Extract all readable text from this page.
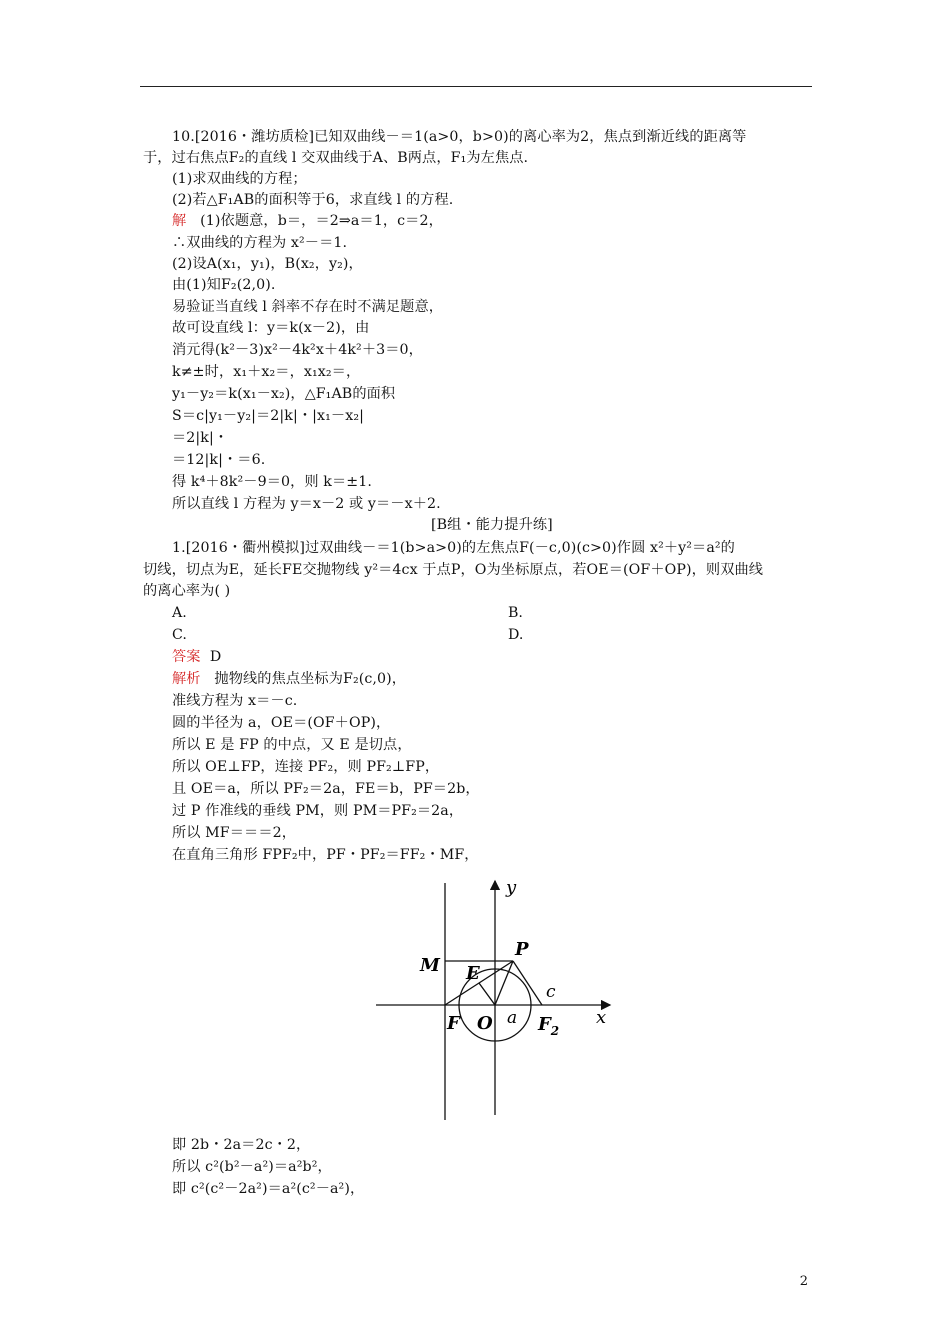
10.[2016・潍坊质检]已知双曲线－＝1(a>0，b>0)的离心率为2，焦点到渐近线的距离等
于，过右焦点F₂的直线 l 交双曲线于A、B两点，F₁为左焦点.
(1)求双曲线的方程；
(2)若△F₁AB的面积等于6，求直线 l 的方程.
解 (1)依题意，b＝，＝2⇒a＝1，c＝2，
∴双曲线的方程为 x²－＝1.
(2)设A(x₁，y₁)，B(x₂，y₂)，
由(1)知F₂(2,0).
易验证当直线 l 斜率不存在时不满足题意，
故可设直线 l：y＝k(x－2)，由
消元得(k²－3)x²－4k²x＋4k²＋3＝0，
k≠±时，x₁＋x₂＝，x₁x₂＝，
y₁－y₂＝k(x₁－x₂)，△F₁AB的面积
S＝c|y₁－y₂|＝2|k|・|x₁－x₂|
＝2|k|・
＝12|k|・＝6.
得 k⁴＋8k²－9＝0，则 k＝±1.
所以直线 l 方程为 y＝x－2 或 y＝－x＋2.
[B组・能力提升练]
1.[2016・衢州模拟]过双曲线－＝1(b>a>0)的左焦点F(－c,0)(c>0)作圆 x²＋y²＝a²的
切线，切点为E，延长FE交抛物线 y²＝4cx 于点P，O为坐标原点，若OE＝(OF＋OP)，则双曲线
的离心率为( )
A.	B.
C.	D.
答案 D
解析 抛物线的焦点坐标为F₂(c,0)，
准线方程为 x＝－c.
圆的半径为 a，OE＝(OF＋OP)，
所以 E 是 FP 的中点，又 E 是切点，
所以 OE⊥FP，连接 PF₂，则 PF₂⊥FP，
且 OE＝a，所以 PF₂＝2a，FE＝b，PF＝2b，
过 P 作准线的垂线 PM，则 PM＝PF₂＝2a，
所以 MF＝＝＝2，
在直角三角形 FPF₂中，PF・PF₂＝FF₂・MF，
y
x
M
P
E
F O a
c
$F_2$
即 2b・2a＝2c・2，
所以 c²(b²－a²)＝a²b²，
即 c²(c²－2a²)＝a²(c²－a²)，
2
